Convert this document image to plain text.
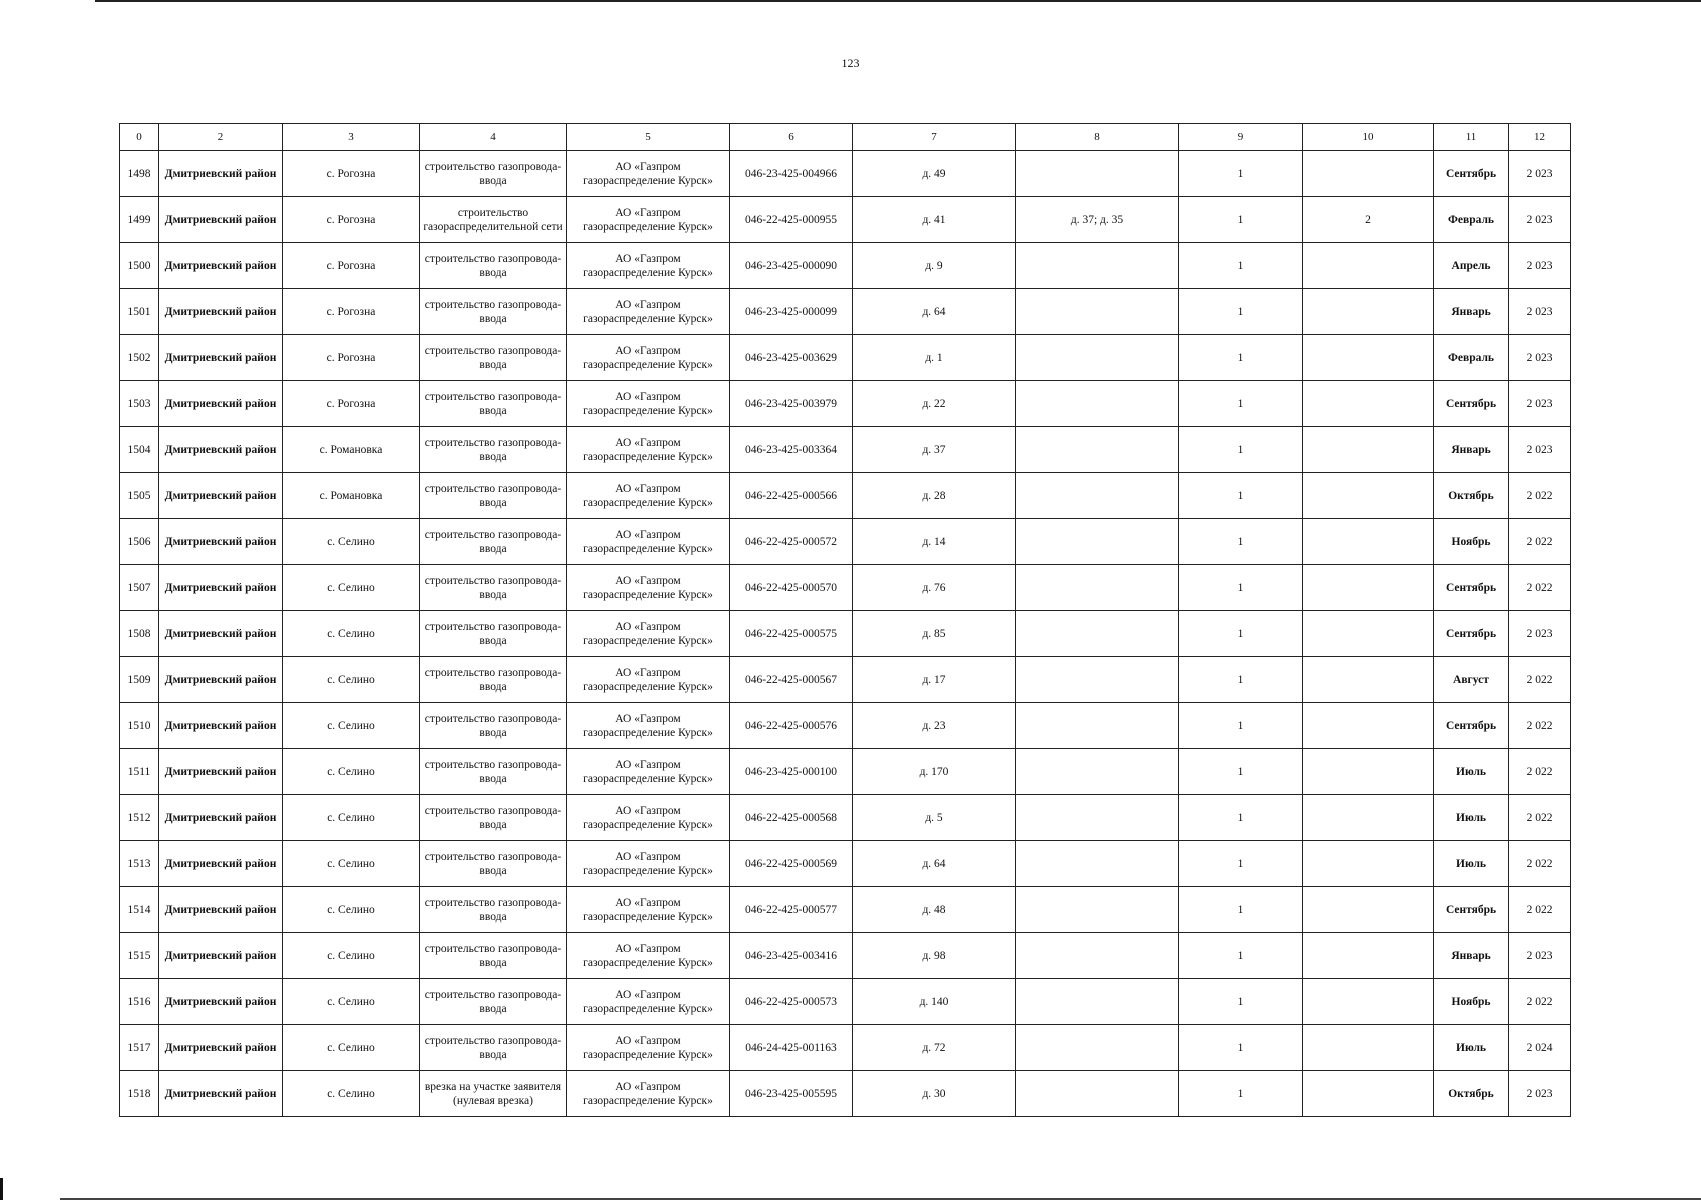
123
0	2	3	4	5	6	7	8	9	10	11	12
1498	Дмитриевский район	с. Рогозна	строительство газопровода-ввода	АО «Газпром газораспределение Курск»	046-23-425-004966	д. 49		1		Сентябрь	2 023
1499	Дмитриевский район	с. Рогозна	строительство газораспределительной сети	АО «Газпром газораспределение Курск»	046-22-425-000955	д. 41	д. 37; д. 35	1	2	Февраль	2 023
1500	Дмитриевский район	с. Рогозна	строительство газопровода-ввода	АО «Газпром газораспределение Курск»	046-23-425-000090	д. 9		1		Апрель	2 023
1501	Дмитриевский район	с. Рогозна	строительство газопровода-ввода	АО «Газпром газораспределение Курск»	046-23-425-000099	д. 64		1		Январь	2 023
1502	Дмитриевский район	с. Рогозна	строительство газопровода-ввода	АО «Газпром газораспределение Курск»	046-23-425-003629	д. 1		1		Февраль	2 023
1503	Дмитриевский район	с. Рогозна	строительство газопровода-ввода	АО «Газпром газораспределение Курск»	046-23-425-003979	д. 22		1		Сентябрь	2 023
1504	Дмитриевский район	с. Романовка	строительство газопровода-ввода	АО «Газпром газораспределение Курск»	046-23-425-003364	д. 37		1		Январь	2 023
1505	Дмитриевский район	с. Романовка	строительство газопровода-ввода	АО «Газпром газораспределение Курск»	046-22-425-000566	д. 28		1		Октябрь	2 022
1506	Дмитриевский район	с. Селино	строительство газопровода-ввода	АО «Газпром газораспределение Курск»	046-22-425-000572	д. 14		1		Ноябрь	2 022
1507	Дмитриевский район	с. Селино	строительство газопровода-ввода	АО «Газпром газораспределение Курск»	046-22-425-000570	д. 76		1		Сентябрь	2 022
1508	Дмитриевский район	с. Селино	строительство газопровода-ввода	АО «Газпром газораспределение Курск»	046-22-425-000575	д. 85		1		Сентябрь	2 023
1509	Дмитриевский район	с. Селино	строительство газопровода-ввода	АО «Газпром газораспределение Курск»	046-22-425-000567	д. 17		1		Август	2 022
1510	Дмитриевский район	с. Селино	строительство газопровода-ввода	АО «Газпром газораспределение Курск»	046-22-425-000576	д. 23		1		Сентябрь	2 022
1511	Дмитриевский район	с. Селино	строительство газопровода-ввода	АО «Газпром газораспределение Курск»	046-23-425-000100	д. 170		1		Июль	2 022
1512	Дмитриевский район	с. Селино	строительство газопровода-ввода	АО «Газпром газораспределение Курск»	046-22-425-000568	д. 5		1		Июль	2 022
1513	Дмитриевский район	с. Селино	строительство газопровода-ввода	АО «Газпром газораспределение Курск»	046-22-425-000569	д. 64		1		Июль	2 022
1514	Дмитриевский район	с. Селино	строительство газопровода-ввода	АО «Газпром газораспределение Курск»	046-22-425-000577	д. 48		1		Сентябрь	2 022
1515	Дмитриевский район	с. Селино	строительство газопровода-ввода	АО «Газпром газораспределение Курск»	046-23-425-003416	д. 98		1		Январь	2 023
1516	Дмитриевский район	с. Селино	строительство газопровода-ввода	АО «Газпром газораспределение Курск»	046-22-425-000573	д. 140		1		Ноябрь	2 022
1517	Дмитриевский район	с. Селино	строительство газопровода-ввода	АО «Газпром газораспределение Курск»	046-24-425-001163	д. 72		1		Июль	2 024
1518	Дмитриевский район	с. Селино	врезка на участке заявителя (нулевая врезка)	АО «Газпром газораспределение Курск»	046-23-425-005595	д. 30		1		Октябрь	2 023
